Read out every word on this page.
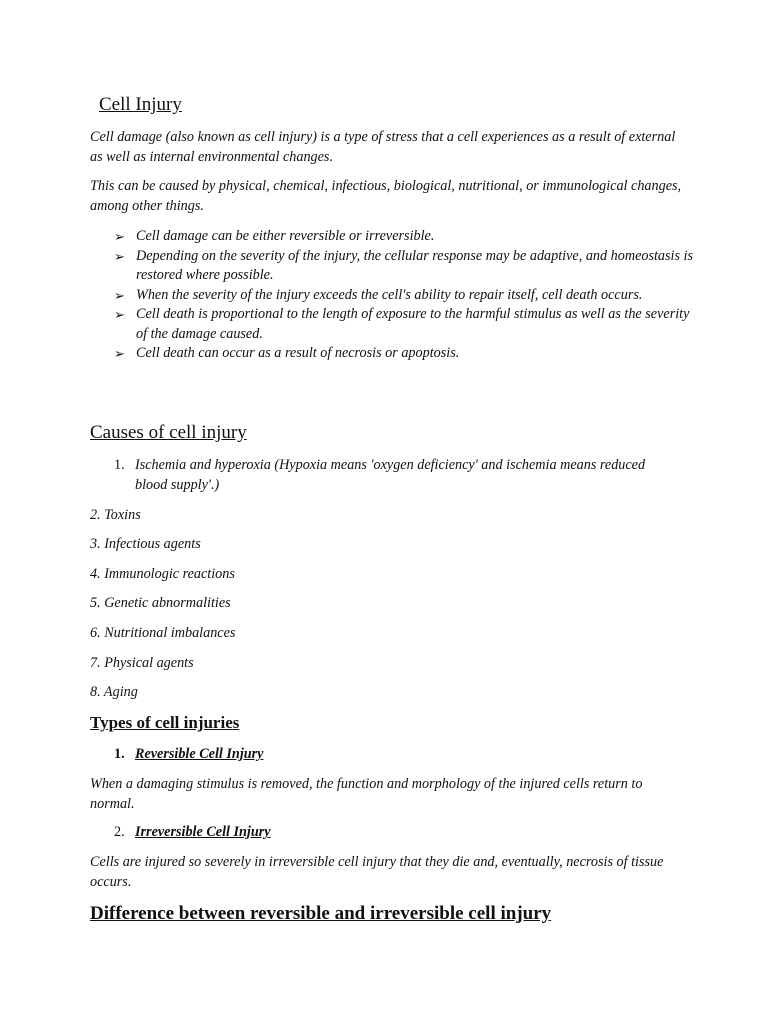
Cell Injury

Cell damage (also known as cell injury) is a type of stress that a cell experiences as a result of external as well as internal environmental changes.

This can be caused by physical, chemical, infectious, biological, nutritional, or immunological changes, among other things.

➢ Cell damage can be either reversible or irreversible.
➢ Depending on the severity of the injury, the cellular response may be adaptive, and homeostasis is restored where possible.
➢ When the severity of the injury exceeds the cell's ability to repair itself, cell death occurs.
➢ Cell death is proportional to the length of exposure to the harmful stimulus as well as the severity of the damage caused.
➢ Cell death can occur as a result of necrosis or apoptosis.
Causes of cell injury
1. Ischemia and hyperoxia (Hypoxia means 'oxygen deficiency' and ischemia means reduced blood supply'.)

2. Toxins

3. Infectious agents

4. Immunologic reactions

5. Genetic abnormalities

6. Nutritional imbalances

7. Physical agents

8. Aging

Types of cell injuries

1. Reversible Cell Injury

When a damaging stimulus is removed, the function and morphology of the injured cells return to normal.

2. Irreversible Cell Injury

Cells are injured so severely in irreversible cell injury that they die and, eventually, necrosis of tissue occurs.

Difference between reversible and irreversible cell injury
